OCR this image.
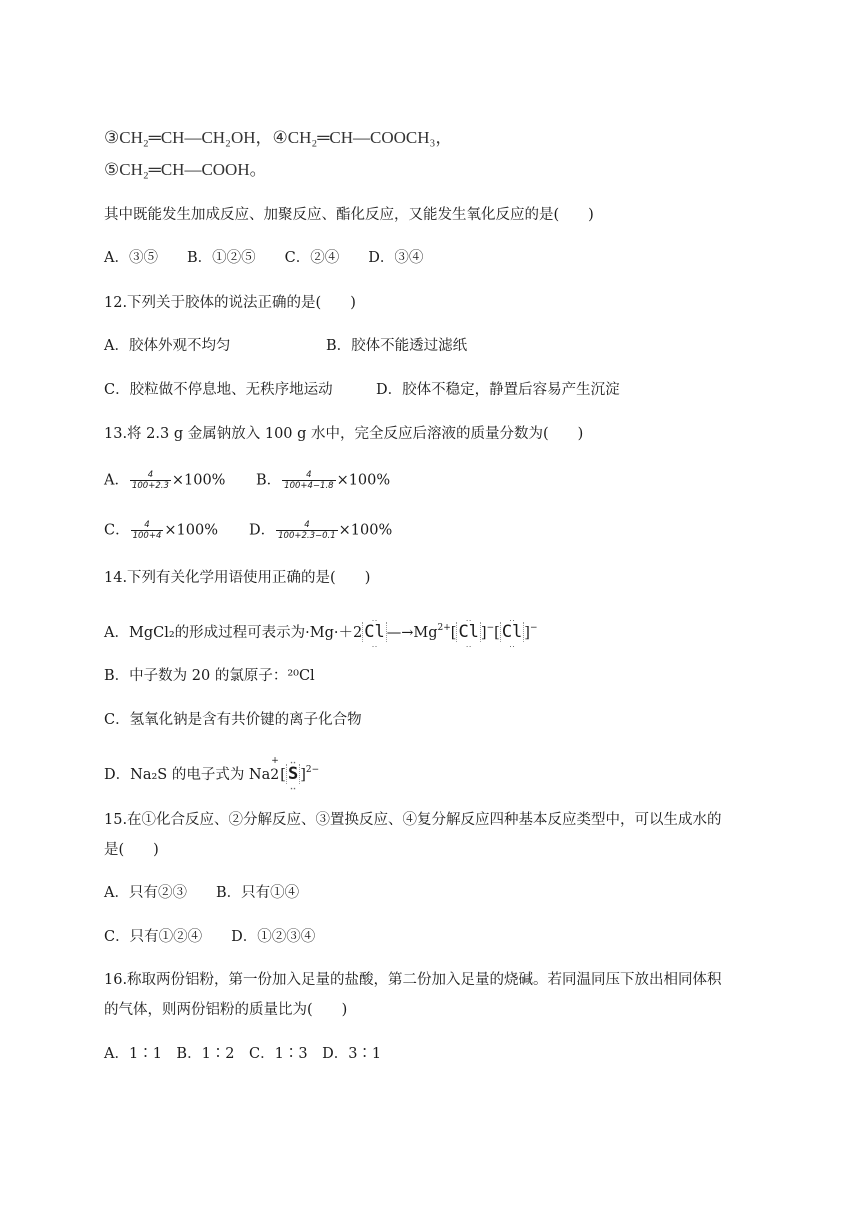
③CH₂═CH—CH₂OH，④CH₂═CH—COOCH₃，
⑤CH₂═CH—COOH。
其中既能发生加成反应、加聚反应、酯化反应，又能发生氧化反应的是(　　)
A．③⑤　　B．①②⑤　　C．②④　　D．③④
12.下列关于胶体的说法正确的是(　　)
A．胶体外观不均匀	B．胶体不能透过滤纸
C．胶粒做不停息地、无秩序地运动	D．胶体不稳定，静置后容易产生沉淀
13.将 2.3 g 金属钠放入 100 g 水中，完全反应后溶液的质量分数为(　　)
A． $\frac{4}{100+2.3} \times 100\%$ B． $\frac{4}{100+4-1.8} \times 100\%$
C． $\frac{4}{100+4} \times 100\%$ D． $\frac{4}{100+2.3-0.1} \times 100\%$
14.下列有关化学用语使用正确的是(　　)
A．MgCl₂的形成过程可表示为·Mg·＋2‥ Cl ‥ $—\to Mg^{2+}[‥$ Cl ‥ ]−[‥ Cl ‥ ]−
B．中子数为 20 的氯原子：²⁰Cl
C．氢氧化钠是含有共价键的离子化合物
D．Na₂S 的电子式为 Na
+
2[‥ S ‥ ]$^{2-}$
15.在①化合反应、②分解反应、③置换反应、④复分解反应四种基本反应类型中，可以生成水的
是(　　)
A．只有②③　　B．只有①④
C．只有①②④　　D．①②③④
16.称取两份铝粉，第一份加入足量的盐酸，第二份加入足量的烧碱。若同温同压下放出相同体积
的气体，则两份铝粉的质量比为(　　)
A．1∶1　B．1∶2　C．1∶3　D．3∶1
